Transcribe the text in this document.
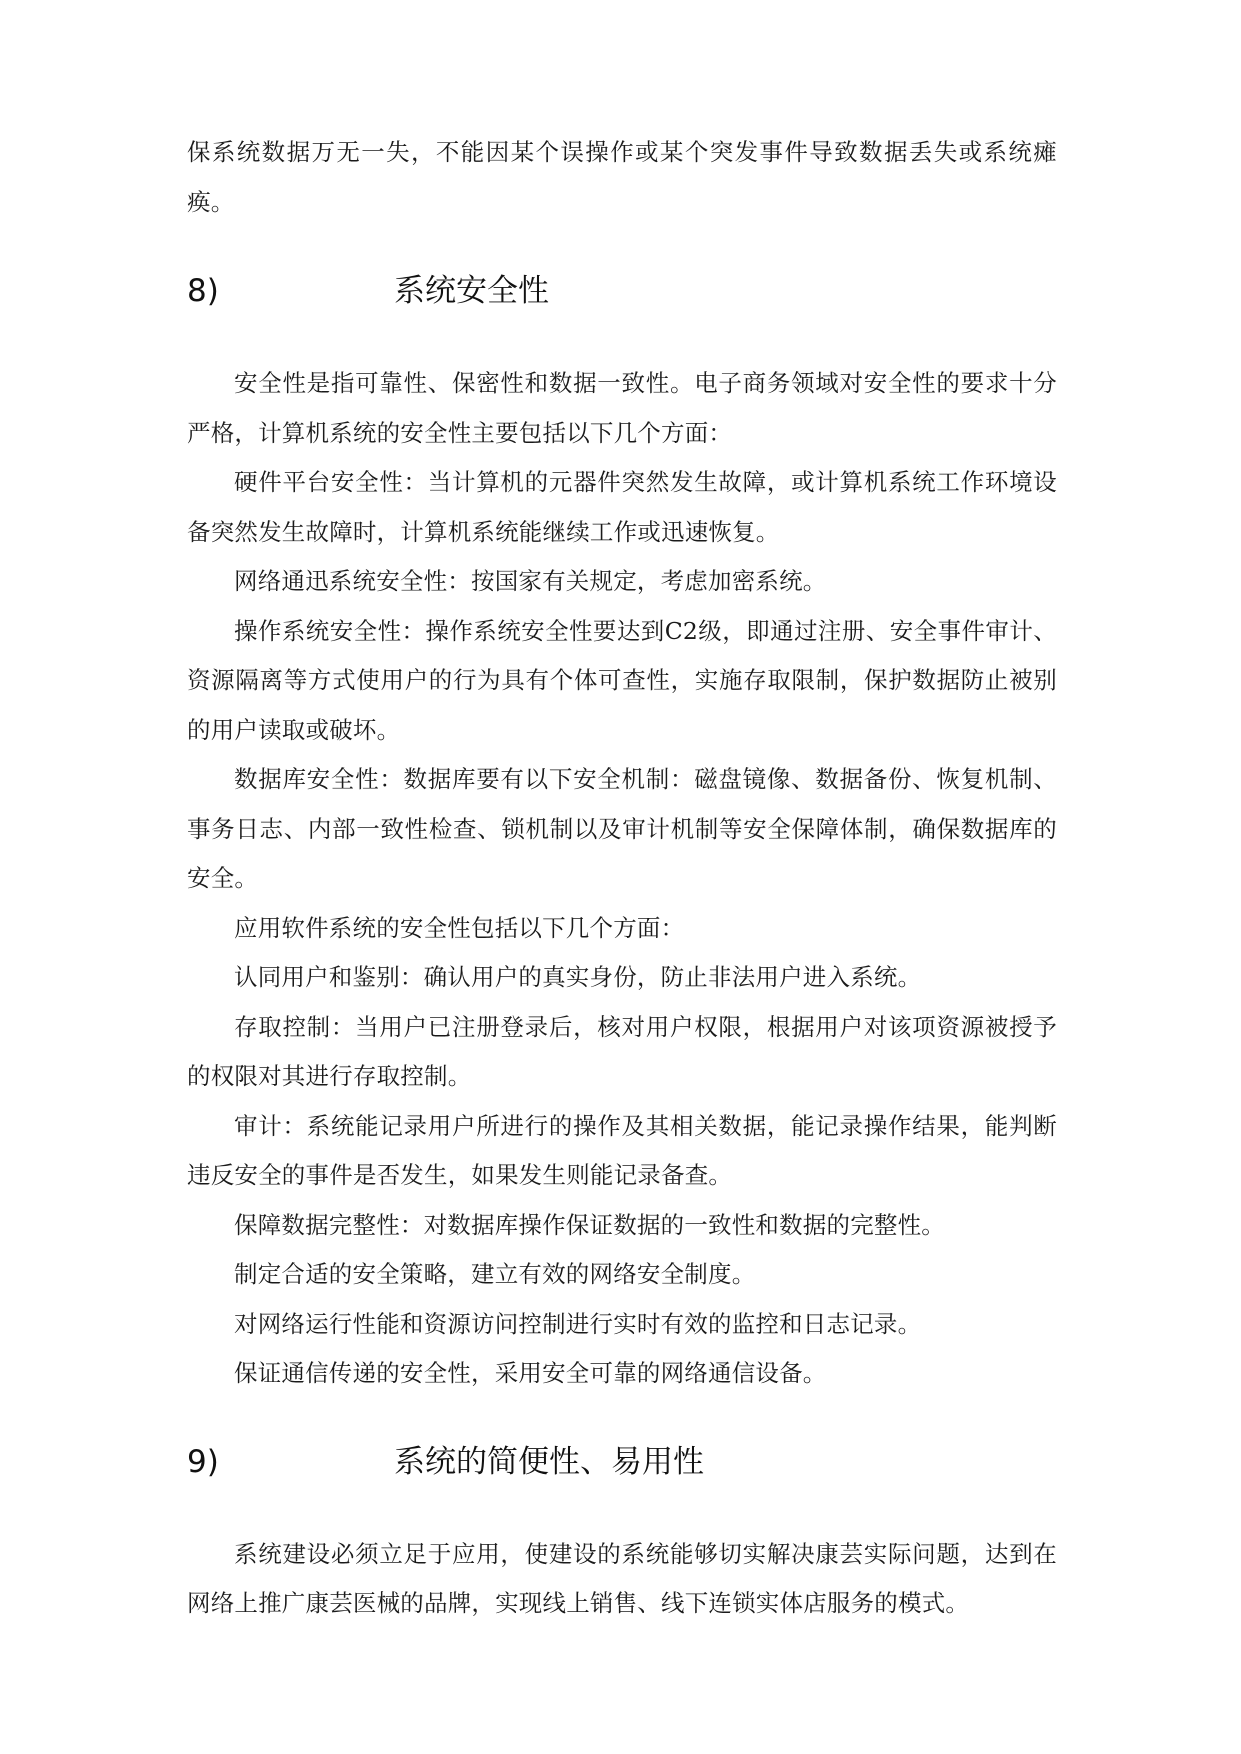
保系统数据万无一失，不能因某个误操作或某个突发事件导致数据丢失或系统瘫痪。

8)	系统安全性

安全性是指可靠性、保密性和数据一致性。电子商务领域对安全性的要求十分严格，计算机系统的安全性主要包括以下几个方面：

硬件平台安全性：当计算机的元器件突然发生故障，或计算机系统工作环境设备突然发生故障时，计算机系统能继续工作或迅速恢复。

网络通迅系统安全性：按国家有关规定，考虑加密系统。

操作系统安全性：操作系统安全性要达到C2级，即通过注册、安全事件审计、资源隔离等方式使用户的行为具有个体可查性，实施存取限制，保护数据防止被别的用户读取或破坏。

数据库安全性：数据库要有以下安全机制：磁盘镜像、数据备份、恢复机制、事务日志、内部一致性检查、锁机制以及审计机制等安全保障体制，确保数据库的安全。

应用软件系统的安全性包括以下几个方面：

认同用户和鉴别：确认用户的真实身份，防止非法用户进入系统。

存取控制：当用户已注册登录后，核对用户权限，根据用户对该项资源被授予的权限对其进行存取控制。

审计：系统能记录用户所进行的操作及其相关数据，能记录操作结果，能判断违反安全的事件是否发生，如果发生则能记录备查。

保障数据完整性：对数据库操作保证数据的一致性和数据的完整性。

制定合适的安全策略，建立有效的网络安全制度。

对网络运行性能和资源访问控制进行实时有效的监控和日志记录。

保证通信传递的安全性，采用安全可靠的网络通信设备。

9)	系统的简便性、易用性

系统建设必须立足于应用，使建设的系统能够切实解决康芸实际问题，达到在网络上推广康芸医械的品牌，实现线上销售、线下连锁实体店服务的模式。
